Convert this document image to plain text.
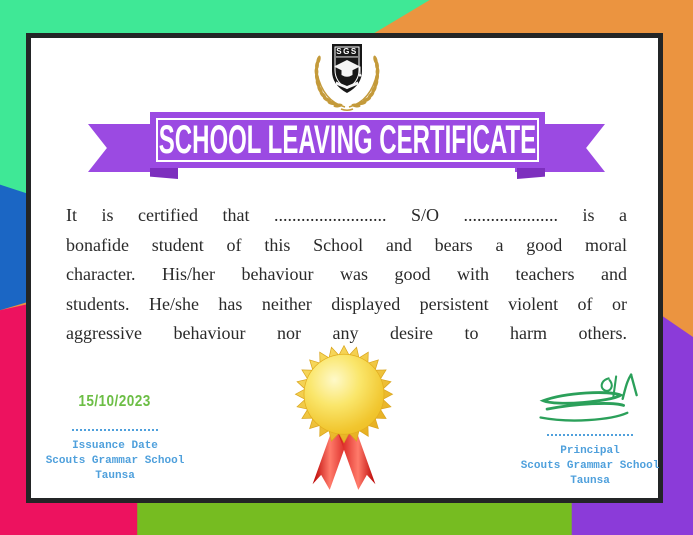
SGS
SCHOOL LEAVING CERTIFICATE
It is certified that ......................... S/O ..................... is a
bonafide student of this School and bears a good moral
character. His/her behaviour was good with teachers and
students. He/she has neither displayed persistent violent of or
aggressive behaviour nor any desire to harm others.
15/10/2023
Issuance Date
Scouts Grammar School
Taunsa
Principal
Scouts Grammar School
Taunsa
